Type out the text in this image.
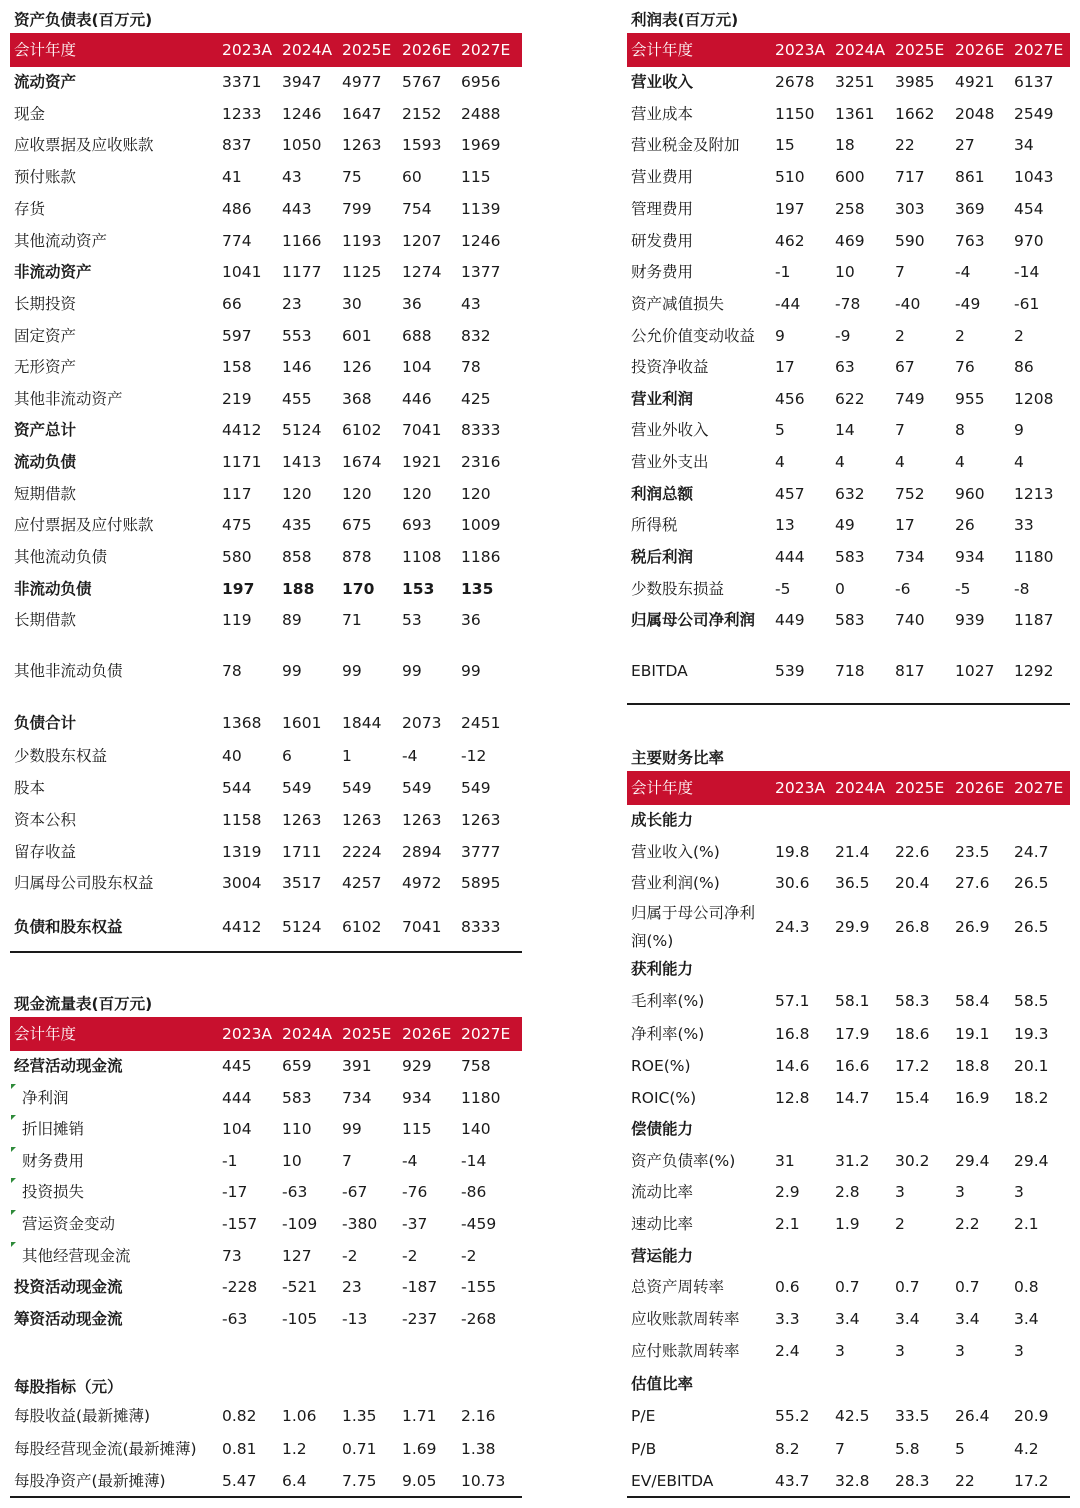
资产负债表(百万元)
会计年度	2023A 2024A 2025E 2026E 2027E
流动资产	3371 3947 4977 5767 6956
现金	1233 1246 1647 2152 2488
应收票据及应收账款	837 1050 1263 1593 1969
预付账款	41	43	75	60	115
存货	486 443 799 754 1139
其他流动资产	774 1166 1193 1207 1246
非流动资产	1041 1177 1125 1274 1377
长期投资	66	23	30	36	43
固定资产	597 553 601 688 832
无形资产	158 146 126 104 78
其他非流动资产	219 455 368 446 425
资产总计	4412 5124 6102 7041 8333
流动负债	1171 1413 1674 1921 2316
短期借款	117 120 120 120 120
应付票据及应付账款	475 435 675 693 1009
其他流动负债	580 858 878 1108 1186
非流动负债	197 188 170 153 135
长期借款	119 89	71	53	36
其他非流动负债	78	99	99	99	99
负债合计	1368 1601 1844 2073 2451
少数股东权益	40	6	1	-4	-12
股本	544 549 549 549 549
资本公积	1158 1263 1263 1263 1263
留存收益	1319 1711 2224 2894 3777
归属母公司股东权益	3004 3517 4257 4972 5895
负债和股东权益	4412 5124 6102 7041 8333
现金流量表(百万元)
会计年度	2023A 2024A 2025E 2026E 2027E
经营活动现金流	445 659 391 929 758
净利润	444 583 734 934 1180
折旧摊销	104 110 99	115 140
财务费用	-1	10	7	-4	-14
投资损失	-17 -63 -67 -76 -86
营运资金变动	-157 -109 -380 -37 -459
其他经营现金流	73	127 -2	-2	-2
投资活动现金流	-228 -521 23	-187 -155
筹资活动现金流	-63 -105 -13 -237 -268
每股指标（元）
每股收益(最新摊薄)	0.82 1.06 1.35 1.71 2.16
每股经营现金流(最新摊薄) 0.81 1.2 0.71 1.69 1.38
每股净资产(最新摊薄)	5.47 6.4 7.75 9.05 10.73
利润表(百万元)
会计年度	2023A 2024A 2025E 2026E 2027E
营业收入	2678 3251 3985 4921 6137
营业成本	1150 1361 1662 2048 2549
营业税金及附加 15	18	22	27	34
营业费用	510 600 717 861 1043
管理费用	197 258 303 369 454
研发费用	462 469 590 763 970
财务费用	-1	10	7	-4	-14
资产减值损失	-44 -78 -40 -49 -61
公允价值变动收益 9	-9	2	2	2
投资净收益	17	63	67	76	86
营业利润	456 622 749 955 1208
营业外收入	5	14	7	8	9
营业外支出	4	4	4	4	4
利润总额	457 632 752 960 1213
所得税	13	49	17	26	33
税后利润	444 583 734 934 1180
少数股东损益	-5	0	-6	-5	-8
归属母公司净利润 449 583 740 939 1187
EBITDA	539 718 817 1027 1292
主要财务比率
会计年度	2023A 2024A 2025E 2026E 2027E
成长能力
营业收入(%)	19.8 21.4 22.6 23.5 24.7
营业利润(%)	30.6 36.5 20.4 27.6 26.5
归属于母公司净利
润(%)
24.3 29.9 26.8 26.9 26.5
获利能力
毛利率(%)	57.1 58.1 58.3 58.4 58.5
净利率(%)	16.8 17.9 18.6 19.1 19.3
ROE(%)	14.6 16.6 17.2 18.8 20.1
ROIC(%)	12.8 14.7 15.4 16.9 18.2
偿债能力
资产负债率(%)	31	31.2 30.2 29.4 29.4
流动比率	2.9 2.8 3	3	3
速动比率	2.1 1.9 2	2.2 2.1
营运能力
总资产周转率	0.6 0.7 0.7 0.7 0.8
应收账款周转率 3.3 3.4 3.4 3.4 3.4
应付账款周转率 2.4 3	3	3	3
估值比率
P/E	55.2 42.5 33.5 26.4 20.9
P/B	8.2 7	5.8 5	4.2
EV/EBITDA	43.7 32.8 28.3 22	17.2
